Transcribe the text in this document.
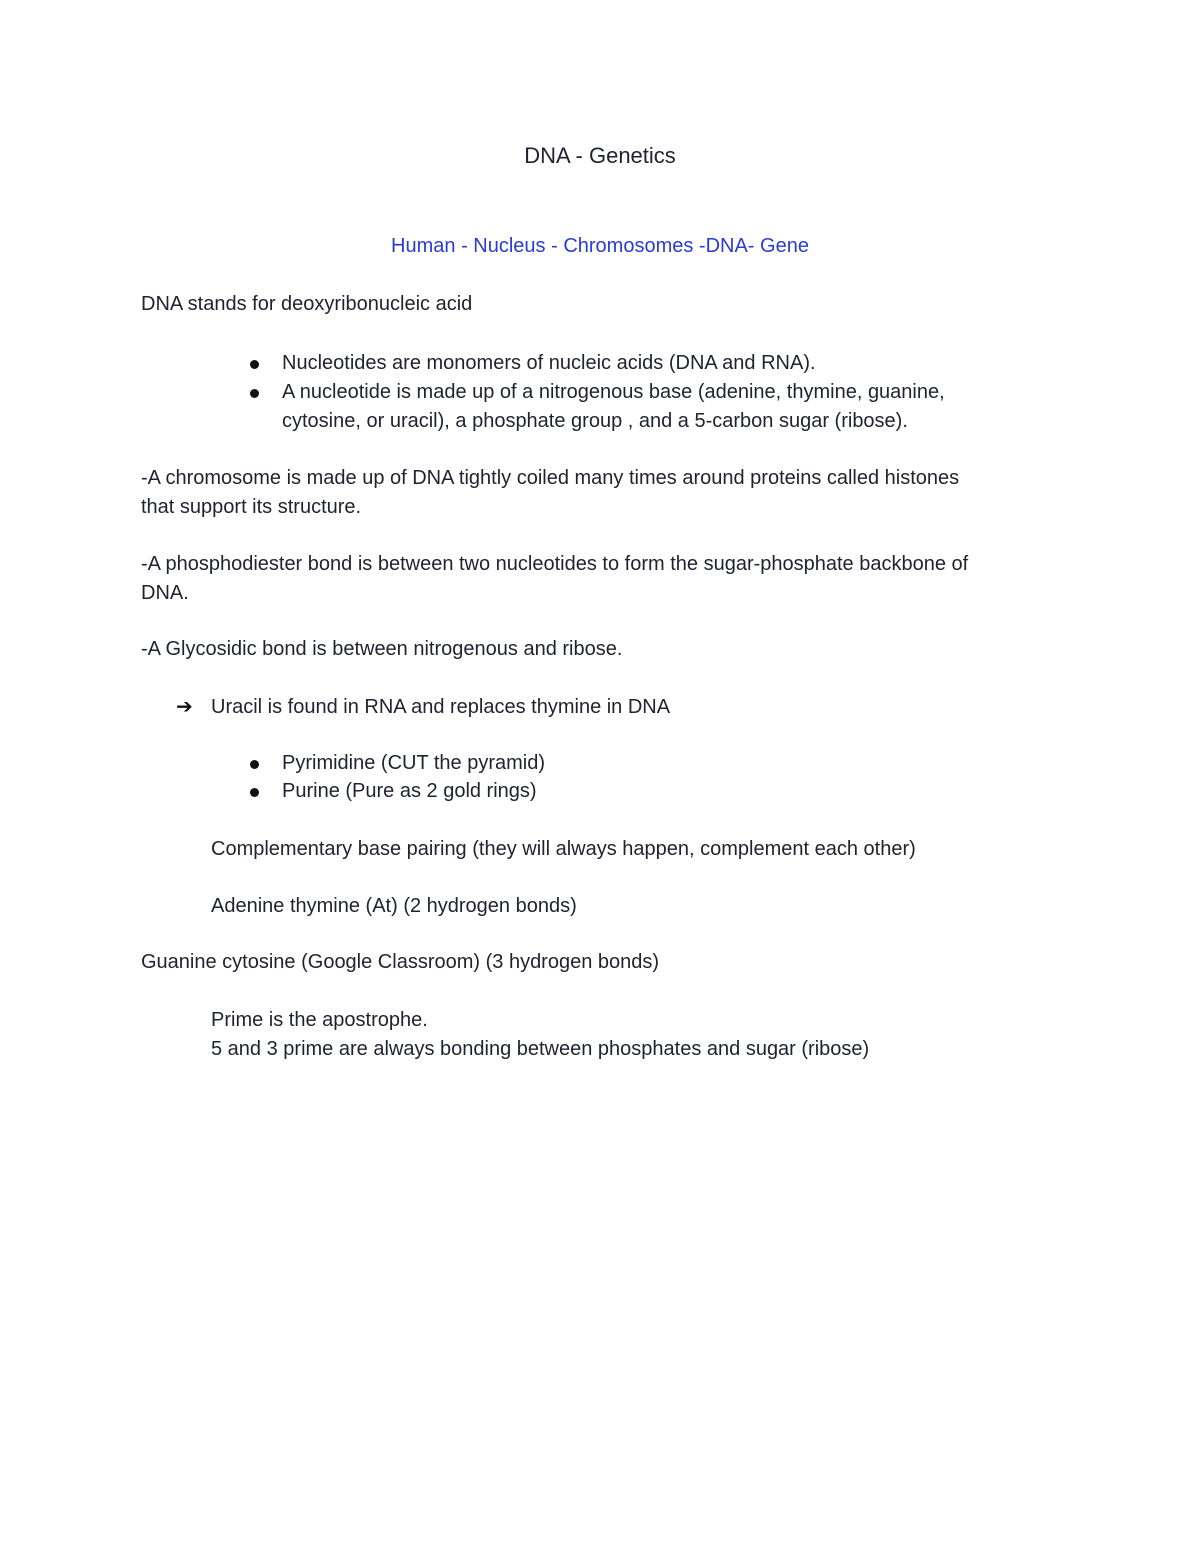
DNA - Genetics
Human - Nucleus - Chromosomes -DNA- Gene
DNA stands for deoxyribonucleic acid
Nucleotides are monomers of nucleic acids (DNA and RNA).
A nucleotide is made up of a nitrogenous base (adenine, thymine, guanine,
cytosine, or uracil), a phosphate group , and a 5-carbon sugar (ribose).
-A chromosome is made up of DNA tightly coiled many times around proteins called histones
that support its structure.
-A phosphodiester bond is between two nucleotides to form the sugar-phosphate backbone of
DNA.
-A Glycosidic bond is between nitrogenous and ribose.
➔ Uracil is found in RNA and replaces thymine in DNA
Pyrimidine (CUT the pyramid)
Purine (Pure as 2 gold rings)
Complementary base pairing (they will always happen, complement each other)
Adenine thymine (At) (2 hydrogen bonds)
Guanine cytosine (Google Classroom) (3 hydrogen bonds)
Prime is the apostrophe.
5 and 3 prime are always bonding between phosphates and sugar (ribose)
